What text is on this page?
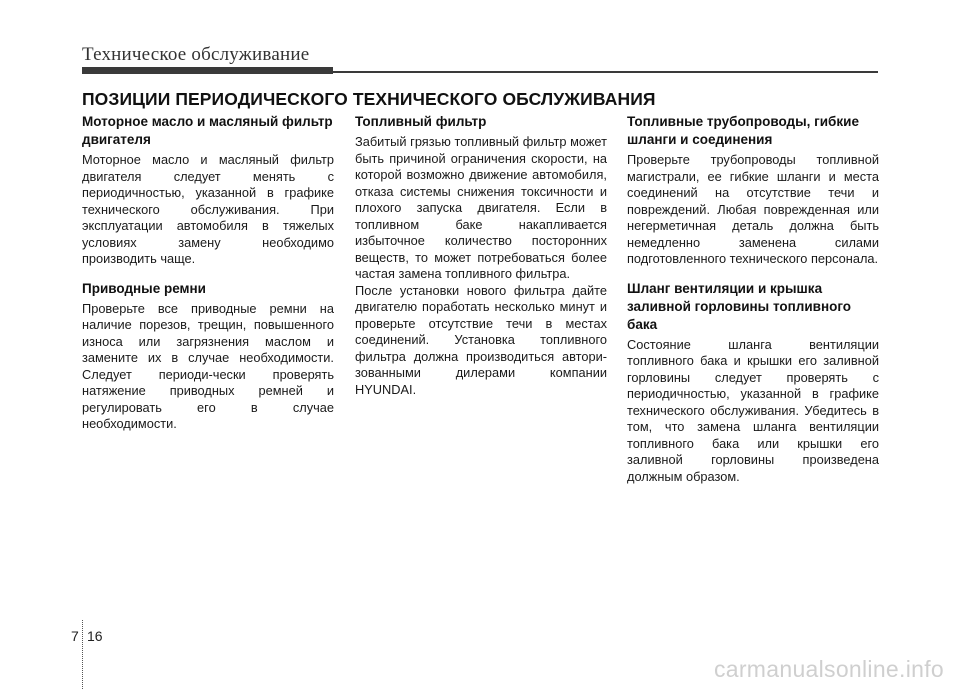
Техническое обслуживание
ПОЗИЦИИ ПЕРИОДИЧЕСКОГО ТЕХНИЧЕСКОГО ОБСЛУЖИВАНИЯ
Моторное масло и масляный фильтр двигателя

Моторное масло и масляный фильтр двигателя следует менять с периодичностью, указанной в графике технического обслуживания. При эксплуатации автомобиля в тяжелых условиях замену необходимо производить чаще.

Приводные ремни

Проверьте все приводные ремни на наличие порезов, трещин, повышенного износа или загрязнения маслом и замените их в случае необходимости. Следует периоди-чески проверять натяжение приводных ремней и регулировать его в случае необходимости.

Топливный фильтр

Забитый грязью топливный фильтр может быть причиной ограничения скорости, на которой возможно движение автомобиля, отказа системы снижения токсичности и плохого запуска двигателя. Если в топливном баке накапливается избыточное количество посторонних веществ, то может потребоваться более частая замена топливного фильтра.

После установки нового фильтра дайте двигателю поработать несколько минут и проверьте отсутствие течи в местах соединений. Установка топливного фильтра должна производиться автори-зованными дилерами компании HYUNDAI.

Топливные трубопроводы, гибкие шланги и соединения

Проверьте трубопроводы топливной магистрали, ее гибкие шланги и места соединений на отсутствие течи и повреждений. Любая поврежденная или негерметичная деталь должна быть немедленно заменена силами подготовленного технического персонала.

Шланг вентиляции и крышка заливной горловины топливного бака

Состояние шланга вентиляции топливного бака и крышки его заливной горловины следует проверять с периодичностью, указанной в графике технического обслуживания. Убедитесь в том, что замена шланга вентиляции топливного бака или крышки его заливной горловины произведена должным образом.

7 16
carmanualsonline.info
